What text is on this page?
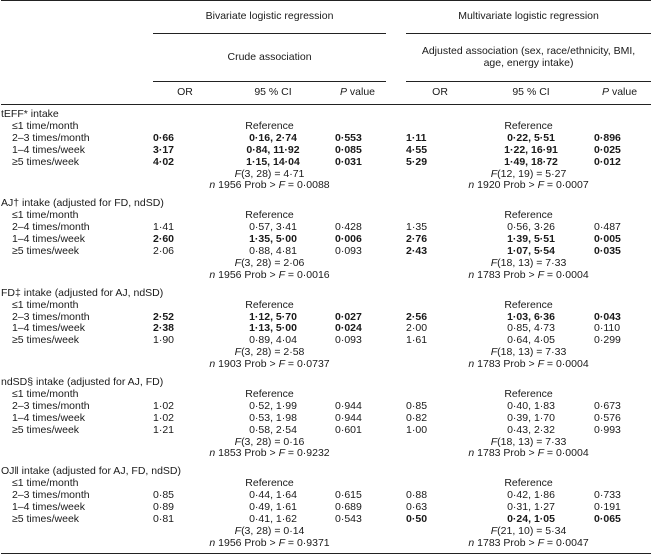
	Bivariate logistic regression				Multivariate logistic regression		
	Crude association				Adjusted association (sex, race/ethnicity, BMI, age, energy intake)		
	OR	95 % CI	P value		OR	95 % CI	P value
tEFF* intake							
≤1 time/month	Reference				Reference		
2–3 times/month	0·66	0·16, 2·74	0·553		1·11	0·22, 5·51	0·896
1–4 times/week	3·17	0·84, 11·92	0·085		4·55	1·22, 16·91	0·025
≥5 times/week	4·02	1·15, 14·04	0·031		5·29	1·49, 18·72	0·012
	F(3, 28) = 4·71				F(12, 19) = 5·27		
	n 1956 Prob > F = 0·0088				n 1920 Prob > F = 0·0007		

AJ† intake (adjusted for FD, ndSD)							
≤1 time/month	Reference				Reference		
2–4 times/month	1·41	0·57, 3·41	0·428		1·35	0·56, 3·26	0·487
1–4 times/week	2·60	1·35, 5·00	0·006		2·76	1·39, 5·51	0·005
≥5 times/week	2·06	0·88, 4·81	0·093		2·43	1·07, 5·54	0·035
	F(3, 28) = 2·06				F(18, 13) = 7·33		
	n 1956 Prob > F = 0·0016				n 1783 Prob > F = 0·0004		

FD‡ intake (adjusted for AJ, ndSD)							
≤1 time/month	Reference				Reference		
2–3 times/month	2·52	1·12, 5·70	0·027		2·56	1·03, 6·36	0·043
1–4 times/week	2·38	1·13, 5·00	0·024		2·00	0·85, 4·73	0·110
≥5 times/week	1·90	0·89, 4·04	0·093		1·61	0·64, 4·05	0·299
	F(3, 28) = 2·58				F(18, 13) = 7·33		
	n 1903 Prob > F = 0·0737				n 1783 Prob > F = 0·0004		

ndSD§ intake (adjusted for AJ, FD)							
≤1 time/month	Reference				Reference		
2–3 times/month	1·02	0·52, 1·99	0·944		0·85	0·40, 1·83	0·673
1–4 times/week	1·02	0·53, 1·98	0·944		0·82	0·39, 1·70	0·576
≥5 times/week	1·21	0·58, 2·54	0·601		1·00	0·43, 2·32	0·993
	F(3, 28) = 0·16				F(18, 13) = 7·33		
	n 1853 Prob > F = 0·9232				n 1783 Prob > F = 0·0004		

OJ‖ intake (adjusted for AJ, FD, ndSD)							
≤1 time/month	Reference				Reference		
2–3 times/month	0·85	0·44, 1·64	0·615		0·88	0·42, 1·86	0·733
1–4 times/week	0·89	0·49, 1·61	0·689		0·63	0·31, 1·27	0·191
≥5 times/week	0·81	0·41, 1·62	0·543		0·50	0·24, 1·05	0·065
	F(3, 28) = 0·14				F(21, 10) = 5·34		
	n 1956 Prob > F = 0·9371				n 1783 Prob > F = 0·0047		
